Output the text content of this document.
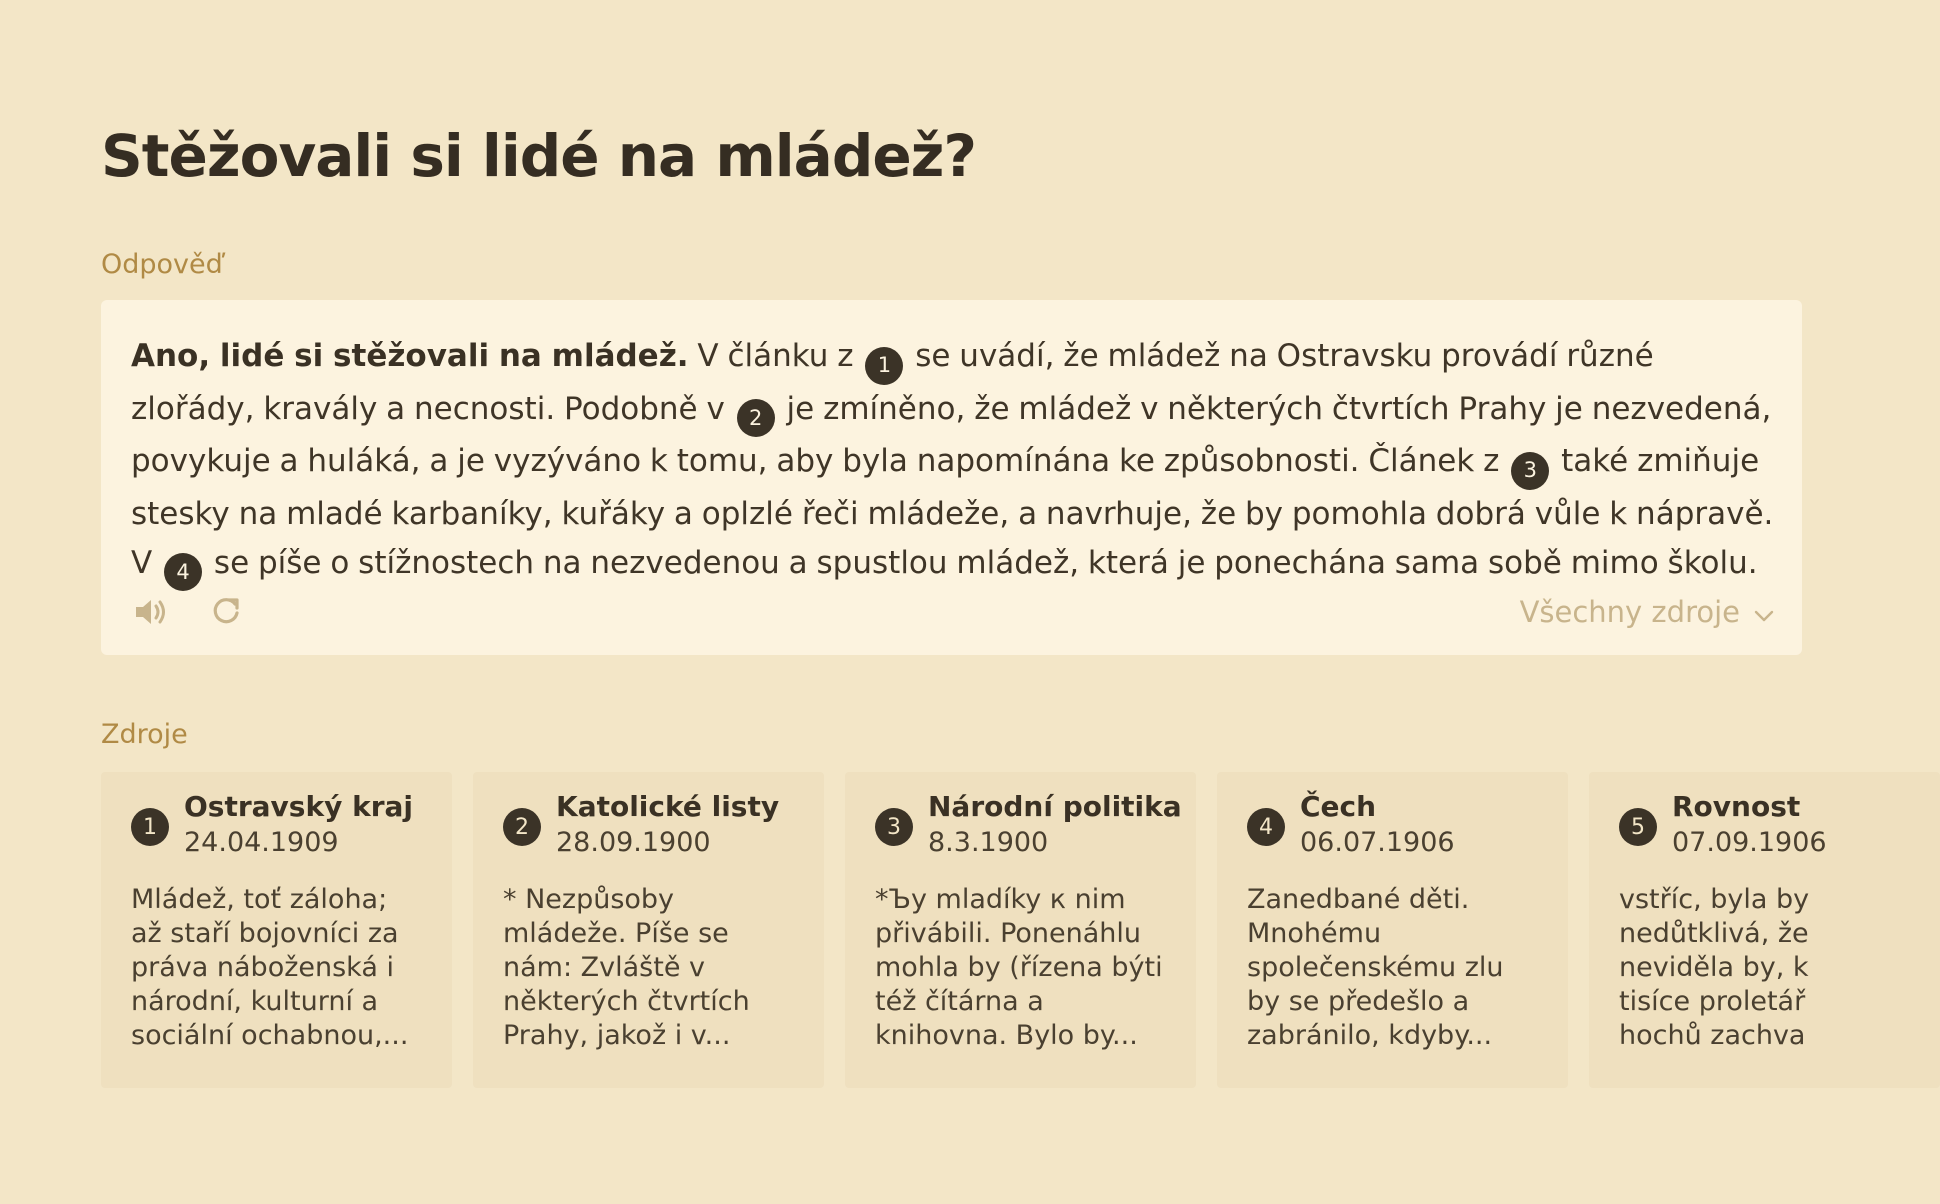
Stěžovali si lidé na mládež?
Odpověď
Ano, lidé si stěžovali na mládež. V článku z 1 se uvádí, že mládež na Ostravsku provádí různé zlořády, kravály a necnosti. Podobně v 2 je zmíněno, že mládež v některých čtvrtích Prahy je nezvedená, povykuje a huláká, a je vyzýváno k tomu, aby byla napomínána ke způsobnosti. Článek z 3 také zmiňuje stesky na mladé karbaníky, kuřáky a oplzlé řeči mládeže, a navrhuje, že by pomohla dobrá vůle k nápravě. V 4 se píše o stížnostech na nezvedenou a spustlou mládež, která je ponechána sama sobě mimo školu.
Všechny zdroje
Zdroje
1
Ostravský kraj
24.04.1909
Mládež, toť záloha;
až staří bojovníci za
práva náboženská i
národní, kulturní a
sociální ochabnou,...
2
Katolické listy
28.09.1900
* Nezpůsoby
mládeže. Píše se
nám: Zvláště v
některých čtvrtích
Prahy, jakož i v...
3
Národní politika
8.3.1900
*Ъy mladíky к nim
přivábili. Ponenáhlu
mohla by (řízena býti
též čítárna a
knihovna. Bylo by...
4
Čech
06.07.1906
Zanedbané děti.
Mnohému
společenskému zlu
by se předešlo a
zabránilo, kdyby...
5
Rovnost
07.09.1906
vstříc, byla by
nedůtklivá, že
neviděla by, k
tisíce proletář
hochů zachva
